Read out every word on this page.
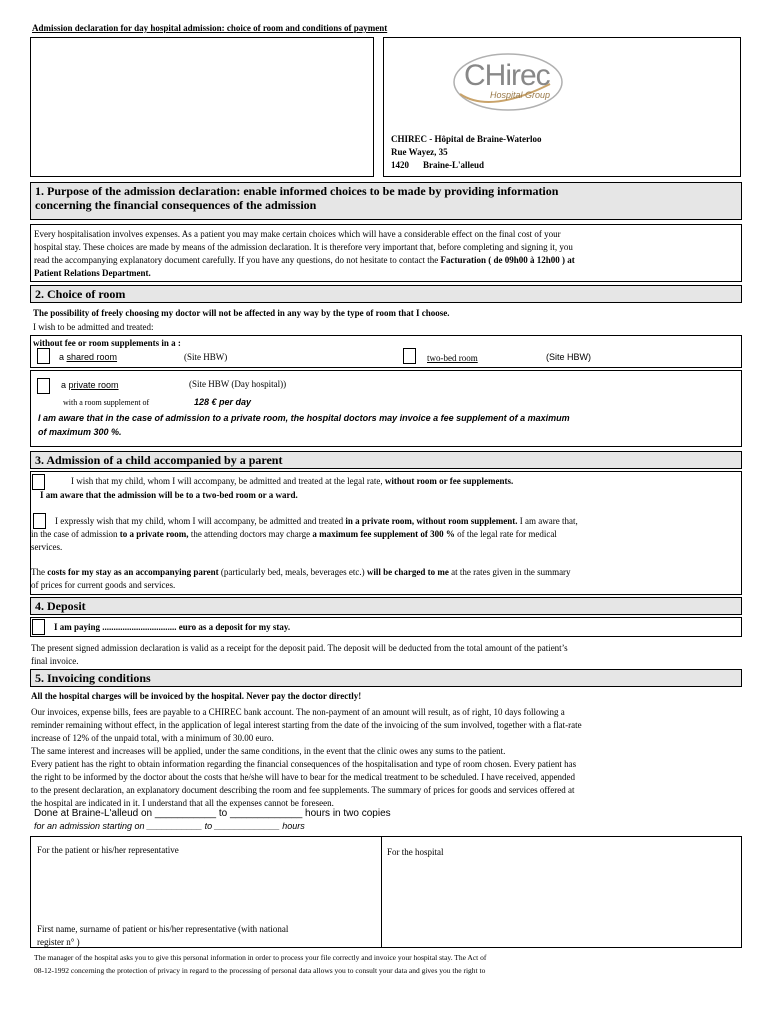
Admission declaration for day hospital admission: choice of room and conditions of payment
CHirec
Hospital Group
CHIREC - Hôpital de Braine-Waterloo
Rue Wayez, 35
1420 Braine-L'alleud
1. Purpose of the admission declaration: enable informed choices to be made by providing information
concerning the financial consequences of the admission
Every hospitalisation involves expenses. As a patient you may make certain choices which will have a considerable effect on the final cost of your
hospital stay. These choices are made by means of the admission declaration. It is therefore very important that, before completing and signing it, you
read the accompanying explanatory document carefully. If you have any questions, do not hesitate to contact the Facturation ( de 09h00 à 12h00 ) at
Patient Relations Department.
2. Choice of room
The possibility of freely choosing my doctor will not be affected in any way by the type of room that I choose.
I wish to be admitted and treated:
without fee or room supplements in a :
a shared room	(Site HBW)	two-bed room	(Site HBW)
a private room	(Site HBW (Day hospital))
with a room supplement of	128 € per day
I am aware that in the case of admission to a private room, the hospital doctors may invoice a fee supplement of a maximum
of maximum 300 %.
3. Admission of a child accompanied by a parent
I wish that my child, whom I will accompany, be admitted and treated at the legal rate, without room or fee supplements.
I am aware that the admission will be to a two-bed room or a ward.
I expressly wish that my child, whom I will accompany, be admitted and treated in a private room, without room supplement. I am aware that,
in the case of admission to a private room, the attending doctors may charge a maximum fee supplement of 300 % of the legal rate for medical
services.
The costs for my stay as an accompanying parent (particularly bed, meals, beverages etc.) will be charged to me at the rates given in the summary
of prices for current goods and services.
4. Deposit
I am paying ................................. euro as a deposit for my stay.
The present signed admission declaration is valid as a receipt for the deposit paid. The deposit will be deducted from the total amount of the patient’s
final invoice.
5. Invoicing conditions
All the hospital charges will be invoiced by the hospital. Never pay the doctor directly!
Our invoices, expense bills, fees are payable to a CHIREC bank account. The non-payment of an amount will result, as of right, 10 days following a
reminder remaining without effect, in the application of legal interest starting from the date of the invoicing of the sum involved, together with a flat-rate
increase of 12% of the unpaid total, with a minimum of 30.00 euro.
The same interest and increases will be applied, under the same conditions, in the event that the clinic owes any sums to the patient.
Every patient has the right to obtain information regarding the financial consequences of the hospitalisation and type of room chosen. Every patient has
the right to be informed by the doctor about the costs that he/she will have to bear for the medical treatment to be scheduled. I have received, appended
to the present declaration, an explanatory document describing the room and fee supplements. The summary of prices for goods and services offered at
the hospital are indicated in it. I understand that all the expenses cannot be foreseen.
Done at Braine-L'alleud on ___________ to _____________ hours in two copies
for an admission starting on ___________ to _____________ hours
For the patient or his/her representative	For the hospital
First name, surname of patient or his/her representative (with national
register n° )
The manager of the hospital asks you to give this personal information in order to process your file correctly and invoice your hospital stay. The Act of
08-12-1992 concerning the protection of privacy in regard to the processing of personal data allows you to consult your data and gives you the right to
